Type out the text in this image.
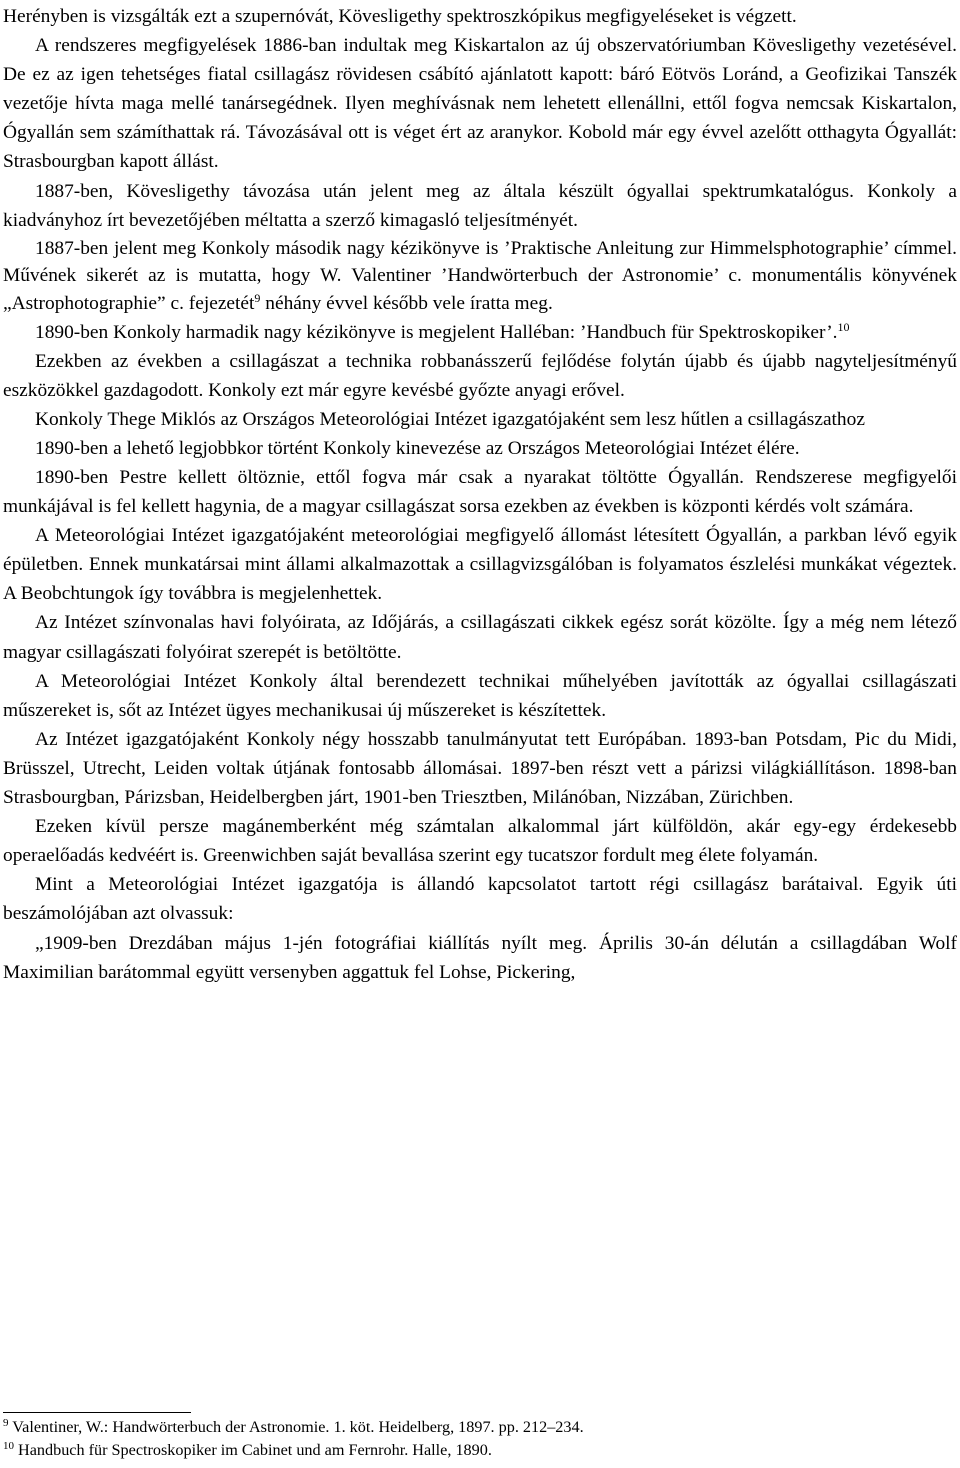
Herényben is vizsgálták ezt a szupernóvát, Kövesligethy spektroszkópikus megfigyeléseket is végzett.

A rendszeres megfigyelések 1886-ban indultak meg Kiskartalon az új obszervatóriumban Kövesligethy vezetésével. De ez az igen tehetséges fiatal csillagász rövidesen csábító ajánlatott kapott: báró Eötvös Loránd, a Geofizikai Tanszék vezetője hívta maga mellé tanársegédnek. Ilyen meghívásnak nem lehetett ellenállni, ettől fogva nemcsak Kiskartalon, Ógyallán sem számíthattak rá. Távozásával ott is véget ért az aranykor. Kobold már egy évvel azelőtt otthagyta Ógyallát: Strasbourgban kapott állást.

1887-ben, Kövesligethy távozása után jelent meg az általa készült ógyallai spektrumkatalógus. Konkoly a kiadványhoz írt bevezetőjében méltatta a szerző kimagasló teljesítményét.

1887-ben jelent meg Konkoly második nagy kézikönyve is ’Praktische Anleitung zur Himmelsphotographie’ címmel. Művének sikerét az is mutatta, hogy W. Valentiner ’Handwörterbuch der Astronomie’ c. monumentális könyvének „Astrophotographie” c. fejezetét$^9$ néhány évvel később vele íratta meg.

1890-ben Konkoly harmadik nagy kézikönyve is megjelent Halléban: ’Handbuch für Spektroskopiker’.$^{10}$

Ezekben az években a csillagászat a technika robbanásszerű fejlődése folytán újabb és újabb nagyteljesítményű eszközökkel gazdagodott. Konkoly ezt már egyre kevésbé győzte anyagi erővel.

Konkoly Thege Miklós az Országos Meteorológiai Intézet igazgatójaként sem lesz hűtlen a csillagászathoz

1890-ben a lehető legjobbkor történt Konkoly kinevezése az Országos Meteorológiai Intézet élére.

1890-ben Pestre kellett öltöznie, ettől fogva már csak a nyarakat töltötte Ógyallán. Rendszerese megfigyelői munkájával is fel kellett hagynia, de a magyar csillagászat sorsa ezekben az években is központi kérdés volt számára.

A Meteorológiai Intézet igazgatójaként meteorológiai megfigyelő állomást létesített Ógyallán, a parkban lévő egyik épületben. Ennek munkatársai mint állami alkalmazottak a csillagvizsgálóban is folyamatos észlelési munkákat végeztek. A Beobchtungok így továbbra is megjelenhettek.

Az Intézet színvonalas havi folyóirata, az Időjárás, a csillagászati cikkek egész sorát közölte. Így a még nem létező magyar csillagászati folyóirat szerepét is betöltötte.

A Meteorológiai Intézet Konkoly által berendezett technikai műhelyében javították az ógyallai csillagászati műszereket is, sőt az Intézet ügyes mechanikusai új műszereket is készítettek.

Az Intézet igazgatójaként Konkoly négy hosszabb tanulmányutat tett Európában. 1893-ban Potsdam, Pic du Midi, Brüsszel, Utrecht, Leiden voltak útjának fontosabb állomásai. 1897-ben részt vett a párizsi világkiállításon. 1898-ban Strasbourgban, Párizsban, Heidelbergben járt, 1901-ben Triesztben, Milánóban, Nizzában, Zürichben.

Ezeken kívül persze magánemberként még számtalan alkalommal járt külföldön, akár egy-egy érdekesebb operaelőadás kedvéért is. Greenwichben saját bevallása szerint egy tucatszor fordult meg élete folyamán.

Mint a Meteorológiai Intézet igazgatója is állandó kapcsolatot tartott régi csillagász barátaival. Egyik úti beszámolójában azt olvassuk:

„1909-ben Drezdában május 1-jén fotográfiai kiállítás nyílt meg. Április 30-án délután a csillagdában Wolf Maximilian barátommal együtt versenyben aggattuk fel Lohse, Pickering,

$^9$ Valentiner, W.: Handwörterbuch der Astronomie. 1. köt. Heidelberg, 1897. pp. 212–234.

$^{10}$ Handbuch für Spectroskopiker im Cabinet und am Fernrohr. Halle, 1890.
